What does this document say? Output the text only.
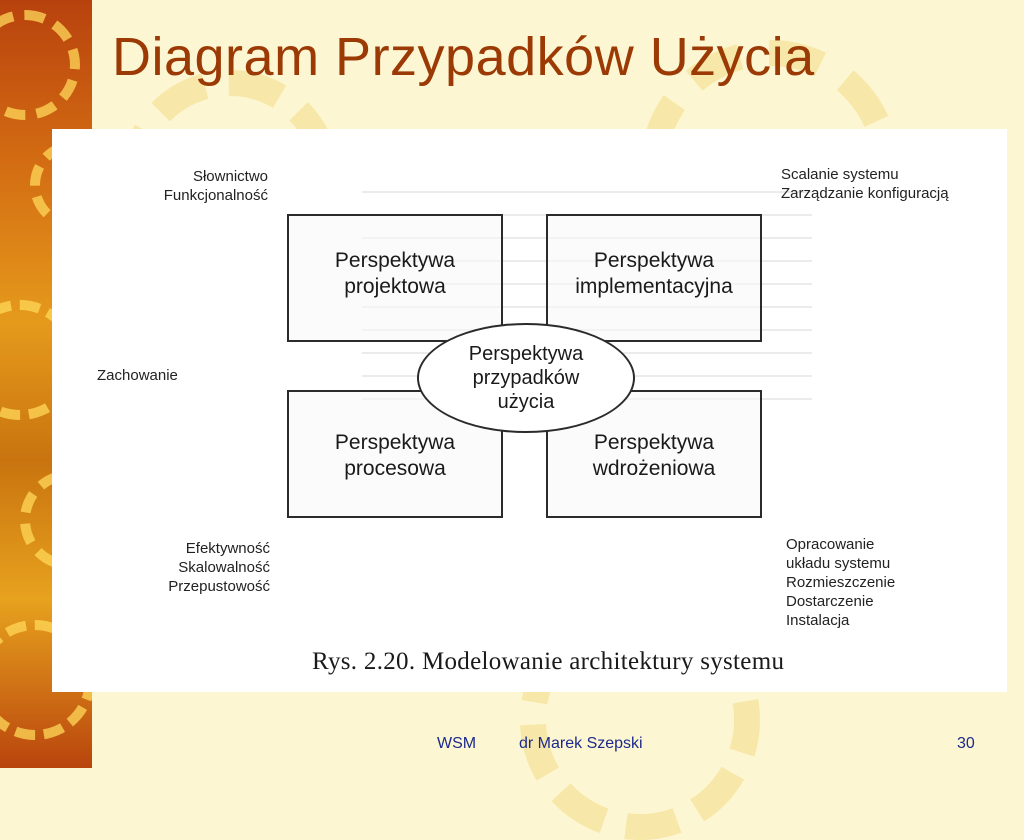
Diagram Przypadków Użycia
Perspektywa
projektowa
Perspektywa
implementacyjna
Perspektywa
procesowa
Perspektywa
wdrożeniowa
Perspektywa
przypadków
użycia
Słownictwo
Funkcjonalność
Scalanie systemu
Zarządzanie konfiguracją
Zachowanie
Efektywność
Skalowalność
Przepustowość
Opracowanie
układu systemu
Rozmieszczenie
Dostarczenie
Instalacja
Rys. 2.20. Modelowanie architektury systemu
WSM	dr Marek Szepski	30
